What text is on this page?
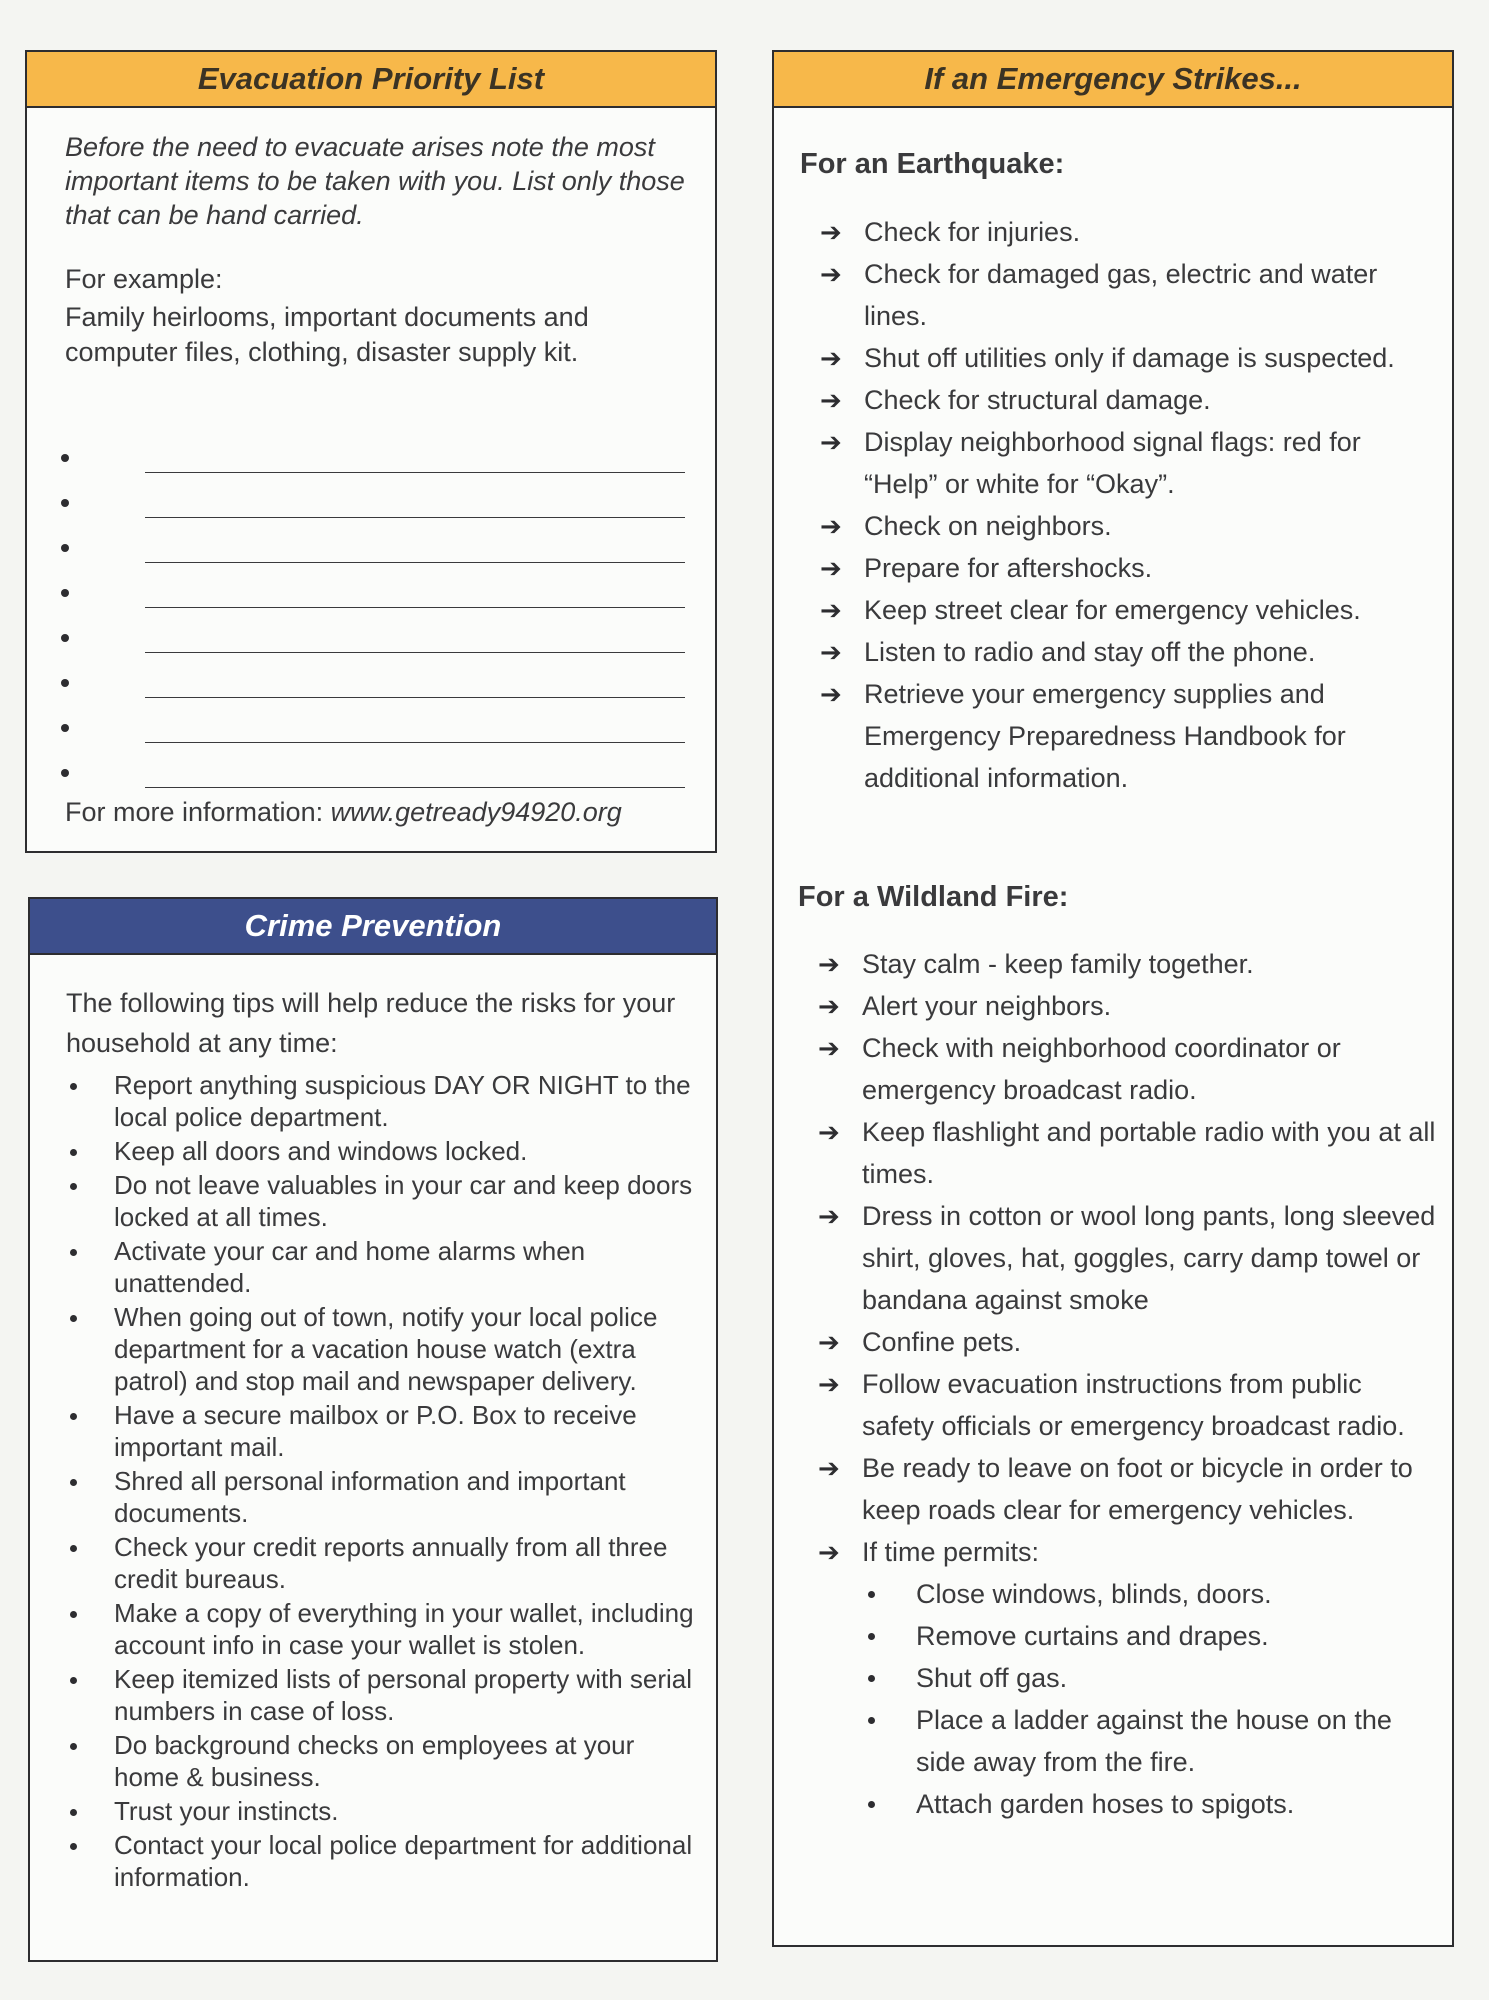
Evacuation Priority List
Before the need to evacuate arises note the most important items to be taken with you. List only those that can be hand carried.
For example:
Family heirlooms, important documents and computer files, clothing, disaster supply kit.
For more information: www.getready94920.org
Crime Prevention
The following tips will help reduce the risks for your household at any time:
Report anything suspicious DAY OR NIGHT to the local police department.
Keep all doors and windows locked.
Do not leave valuables in your car and keep doors locked at all times.
Activate your car and home alarms when unattended.
When going out of town, notify your local police department for a vacation house watch (extra patrol) and stop mail and newspaper delivery.
Have a secure mailbox or P.O. Box to receive important mail.
Shred all personal information and important documents.
Check your credit reports annually from all three credit bureaus.
Make a copy of everything in your wallet, including account info in case your wallet is stolen.
Keep itemized lists of personal property with serial numbers in case of loss.
Do background checks on employees at your home & business.
Trust your instincts.
Contact your local police department for additional information.
If an Emergency Strikes...
For an Earthquake:
➔ Check for injuries.
➔ Check for damaged gas, electric and water lines.
➔ Shut off utilities only if damage is suspected.
➔ Check for structural damage.
➔ Display neighborhood signal flags: red for “Help” or white for “Okay”.
➔ Check on neighbors.
➔ Prepare for aftershocks.
➔ Keep street clear for emergency vehicles.
➔ Listen to radio and stay off the phone.
➔ Retrieve your emergency supplies and Emergency Preparedness Handbook for additional information.
For a Wildland Fire:
➔ Stay calm - keep family together.
➔ Alert your neighbors.
➔ Check with neighborhood coordinator or emergency broadcast radio.
➔ Keep flashlight and portable radio with you at all times.
➔ Dress in cotton or wool long pants, long sleeved shirt, gloves, hat, goggles, carry damp towel or bandana against smoke
➔ Confine pets.
➔ Follow evacuation instructions from public safety officials or emergency broadcast radio.
➔ Be ready to leave on foot or bicycle in order to keep roads clear for emergency vehicles.
➔ If time permits:
Close windows, blinds, doors.
Remove curtains and drapes.
Shut off gas.
Place a ladder against the house on the side away from the fire.
Attach garden hoses to spigots.
